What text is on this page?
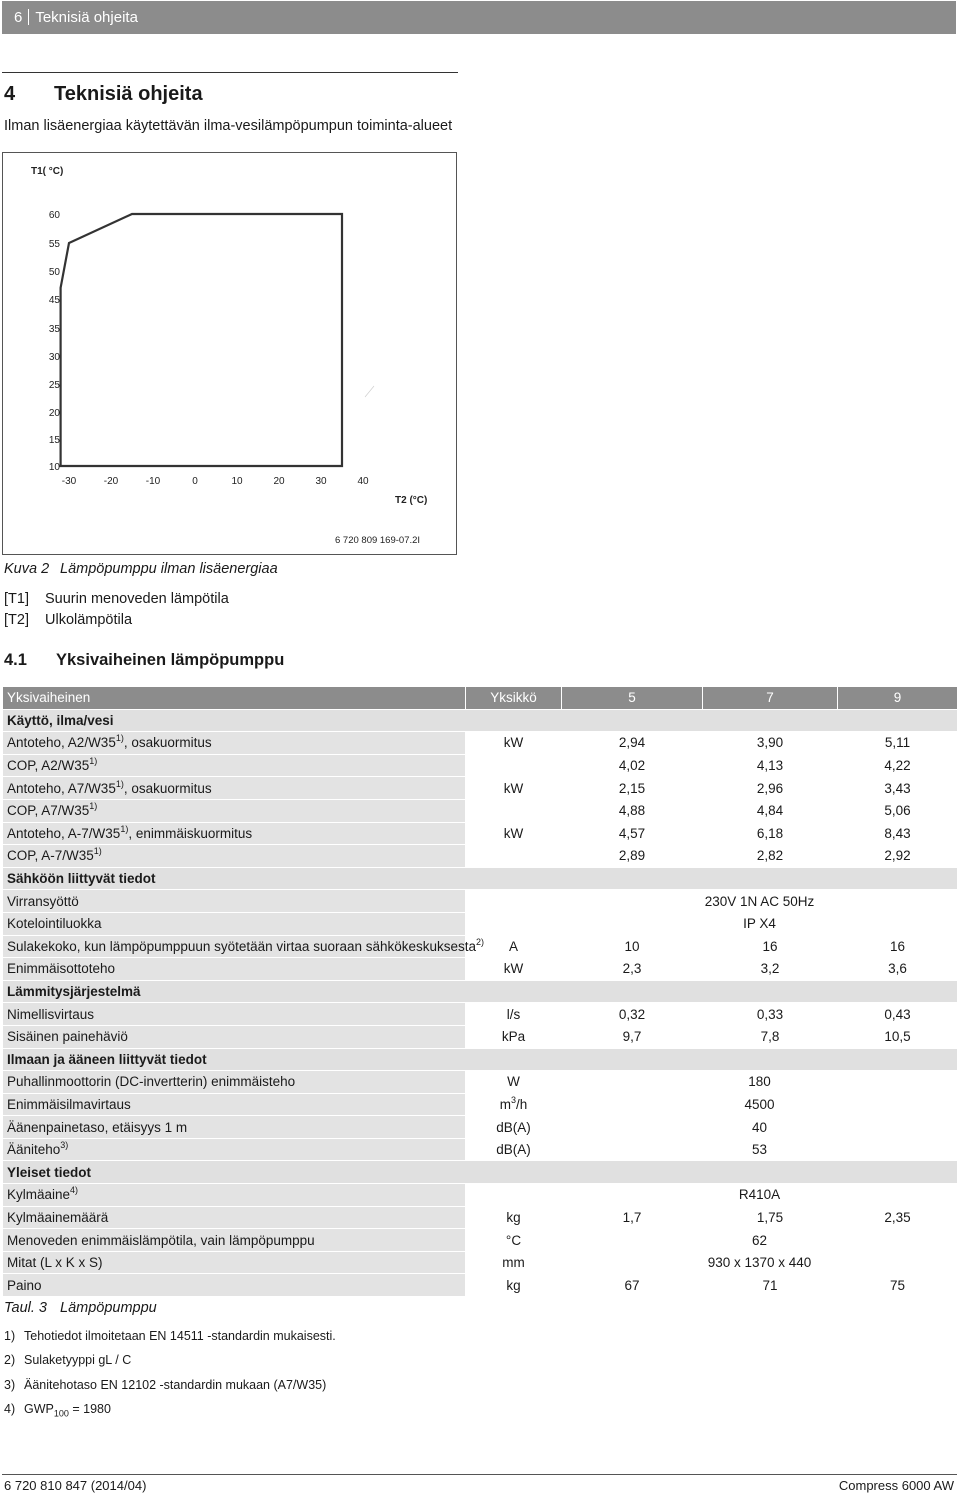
6 Teknisiä ohjeita
4 Teknisiä ohjeita
Ilman lisäenergiaa käytettävän ilma-vesilämpöpumpun toiminta-alueet
10
15
20
25
30
35
45
50
55
60
-30	-20	-10	0	10	20	30	40
T1( °C)
T2 (°C)
6 720 809 169-07.2I
Kuva 2 Lämpöpumppu ilman lisäenergiaa
[T1] Suurin menoveden lämpötila
[T2] Ulkolämpötila
4.1 Yksivaiheinen lämpöpumppu
Yksivaiheinen	Yksikkö	5	7	9
Käyttö, ilma/vesi				
Antoteho, A2/W35$^{1)}$, osakuormitus	kW	2,94	3,90	5,11
COP, A2/W35$^{1)}$		4,02	4,13	4,22
Antoteho, A7/W35$^{1)}$, osakuormitus	kW	2,15	2,96	3,43
COP, A7/W35$^{1)}$		4,88	4,84	5,06
Antoteho, A-7/W35$^{1)}$, enimmäiskuormitus	kW	4,57	6,18	8,43
COP, A-7/W35$^{1)}$		2,89	2,82	2,92
Sähköön liittyvät tiedot				
Virransyöttö		230V 1N AC 50Hz		
Kotelointiluokka		IP X4		
Sulakekoko, kun lämpöpumppuun syötetään virtaa suoraan sähkökeskuksesta$^{2)}$	A	10	16	16
Enimmäisottoteho	kW	2,3	3,2	3,6
Lämmitysjärjestelmä				
Nimellisvirtaus	l/s	0,32	0,33	0,43
Sisäinen painehäviö	kPa	9,7	7,8	10,5
Ilmaan ja ääneen liittyvät tiedot				
Puhallinmoottorin (DC-invertterin) enimmäisteho	W	180		
Enimmäisilmavirtaus	$m^3/h$	4500		
Äänenpainetaso, etäisyys 1 m	dB(A)	40		
Ääniteho$^{3)}$	dB(A)	53		
Yleiset tiedot				
Kylmäaine$^{4)}$		R410A		
Kylmäainemäärä	kg	1,7	1,75	2,35
Menoveden enimmäislämpötila, vain lämpöpumppu	°C	62		
Mitat (L x K x S)	mm	930 x 1370 x 440		
Paino	kg	67	71	75
Taul. 3 Lämpöpumppu
1) Tehotiedot ilmoitetaan EN 14511 -standardin mukaisesti.
2) Sulaketyyppi gL / C
3) Äänitehotaso EN 12102 -standardin mukaan (A7/W35)
4) $GWP_{100} = 1980$
6 720 810 847 (2014/04)	Compress 6000 AW
